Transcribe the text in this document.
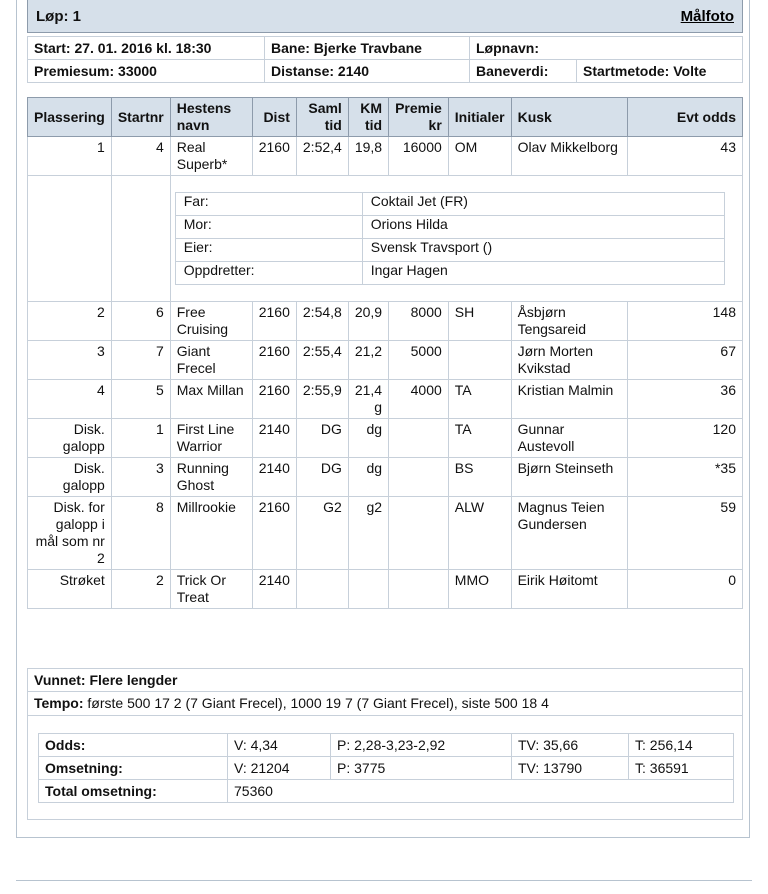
Løp: 1	Målfoto
Start: 27. 01. 2016 kl. 18:30	Bane: Bjerke Travbane	Løpnavn:	
Premiesum: 33000	Distanse: 2140	Baneverdi:	Startmetode: Volte
Plassering	Startnr	Hestens navn	Dist	Saml tid	KM tid	Premie kr	Initialer	Kusk	Evt odds
1	4	Real Superb*	2160	2:52,4	19,8	16000	OM	Olav Mikkelborg	43

Far:	Coktail Jet (FR)
Mor:	Orions Hilda
Eier:	Svensk Travsport ()
Oppdretter:	Ingar Hagen

2	6	Free Cruising	2160	2:54,8	20,9	8000	SH	Åsbjørn Tengsareid	148
3	7	Giant Frecel	2160	2:55,4	21,2	5000		Jørn Morten Kvikstad	67
4	5	Max Millan	2160	2:55,9	21,4 g	4000	TA	Kristian Malmin	36
Disk. galopp	1	First Line Warrior	2140	DG	dg		TA	Gunnar Austevoll	120
Disk. galopp	3	Running Ghost	2140	DG	dg		BS	Bjørn Steinseth	*35
Disk. for galopp i mål som nr 2	8	Millrookie	2160	G2	g2		ALW	Magnus Teien Gundersen	59
Strøket	2	Trick Or Treat	2140				MMO	Eirik Høitomt	0
Vunnet: Flere lengder
Tempo: første 500 17 2 (7 Giant Frecel), 1000 19 7 (7 Giant Frecel), siste 500 18 4
Odds:	V: 4,34	P: 2,28-3,23-2,92	TV: 35,66	T: 256,14
Omsetning:	V: 21204	P: 3775	TV: 13790	T: 36591
Total omsetning:	75360			
